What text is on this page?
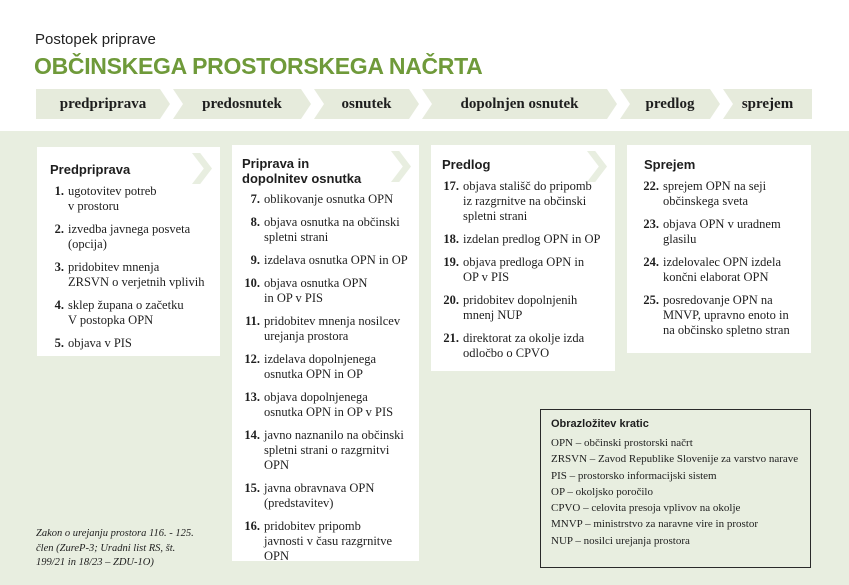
Postopek priprave
OBČINSKEGA PROSTORSKEGA NAČRTA
predpriprava	predosnutek	osnutek	dopolnjen osnutek	predlog	sprejem
Predpriprava
1. ugotovitev potreb
v prostoru
2. izvedba javnega posveta
(opcija)
3. pridobitev mnenja
ZRSVN o verjetnih vplivih
4. sklep župana o začetku
V postopka OPN
5. objava v PIS
Priprava in
dopolnitev osnutka
7. oblikovanje osnutka OPN
8. objava osnutka na občinski
spletni strani
9. izdelava osnutka OPN in OP
10. objava osnutka OPN
in OP v PIS
11. pridobitev mnenja nosilcev
urejanja prostora
12. izdelava dopolnjenega
osnutka OPN in OP
13. objava dopolnjenega
osnutka OPN in OP v PIS
14. javno naznanilo na občinski
spletni strani o razgrnitvi
OPN
15. javna obravnava OPN
(predstavitev)
16. pridobitev pripomb
javnosti v času razgrnitve
OPN
Predlog
17. objava stališč do pripomb
iz razgrnitve na občinski
spletni strani
18. izdelan predlog OPN in OP
19. objava predloga OPN in
OP v PIS
20. pridobitev dopolnjenih
mnenj NUP
21. direktorat za okolje izda
odločbo o CPVO
Sprejem
22. sprejem OPN na seji
občinskega sveta
23. objava OPN v uradnem
glasilu
24. izdelovalec OPN izdela
končni elaborat OPN
25. posredovanje OPN na
MNVP, upravno enoto in
na občinsko spletno stran
Obrazložitev kratic
OPN – občinski prostorski načrt
ZRSVN – Zavod Republike Slovenije za varstvo narave
PIS – prostorsko informacijski sistem
OP – okoljsko poročilo
CPVO – celovita presoja vplivov na okolje
MNVP – ministrstvo za naravne vire in prostor
NUP – nosilci urejanja prostora
Zakon o urejanju prostora 116. - 125.
člen (ZureP-3; Uradni list RS, št.
199/21 in 18/23 – ZDU-1O)
